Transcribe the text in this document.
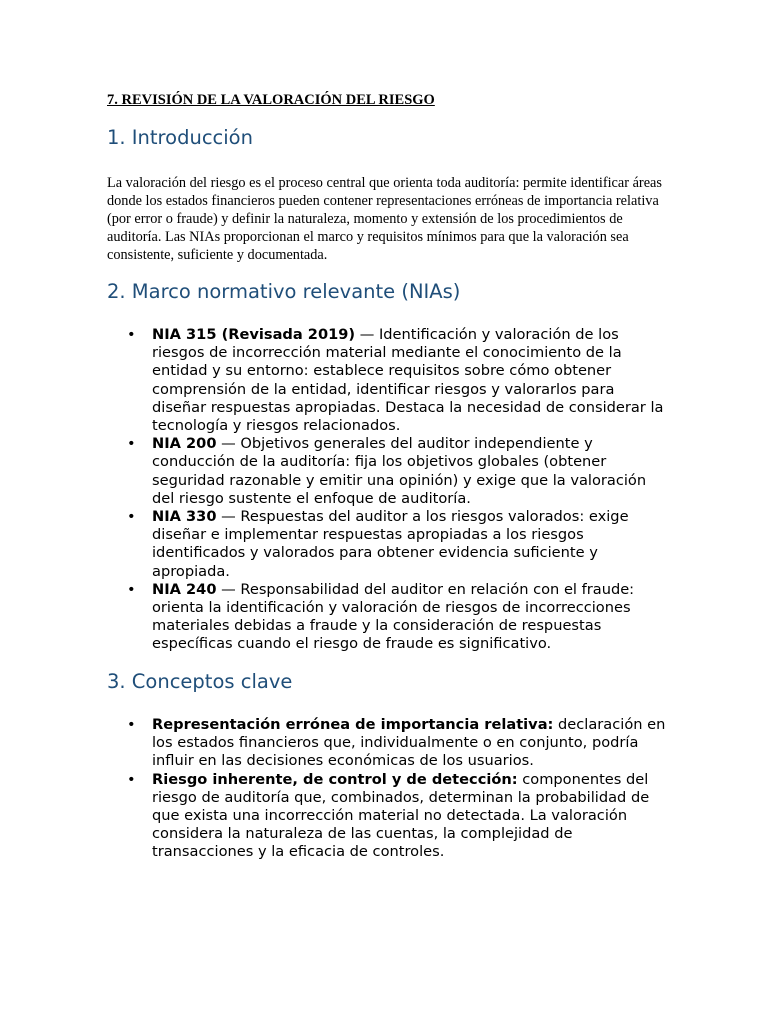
7. REVISIÓN DE LA VALORACIÓN DEL RIESGO
1. Introducción

La valoración del riesgo es el proceso central que orienta toda auditoría: permite identificar áreas donde los estados financieros pueden contener representaciones erróneas de importancia relativa (por error o fraude) y definir la naturaleza, momento y extensión de los procedimientos de auditoría. Las NIAs proporcionan el marco y requisitos mínimos para que la valoración sea consistente, suficiente y documentada.

2. Marco normativo relevante (NIAs)
• NIA 315 (Revisada 2019) — Identificación y valoración de los riesgos de incorrección material mediante el conocimiento de la entidad y su entorno: establece requisitos sobre cómo obtener comprensión de la entidad, identificar riesgos y valorarlos para diseñar respuestas apropiadas. Destaca la necesidad de considerar la tecnología y riesgos relacionados.
• NIA 200 — Objetivos generales del auditor independiente y conducción de la auditoría: fija los objetivos globales (obtener seguridad razonable y emitir una opinión) y exige que la valoración del riesgo sustente el enfoque de auditoría.
• NIA 330 — Respuestas del auditor a los riesgos valorados: exige diseñar e implementar respuestas apropiadas a los riesgos identificados y valorados para obtener evidencia suficiente y apropiada.
• NIA 240 — Responsabilidad del auditor en relación con el fraude: orienta la identificación y valoración de riesgos de incorrecciones materiales debidas a fraude y la consideración de respuestas específicas cuando el riesgo de fraude es significativo.
3. Conceptos clave
• Representación errónea de importancia relativa: declaración en los estados financieros que, individualmente o en conjunto, podría influir en las decisiones económicas de los usuarios.
• Riesgo inherente, de control y de detección: componentes del riesgo de auditoría que, combinados, determinan la probabilidad de que exista una incorrección material no detectada. La valoración considera la naturaleza de las cuentas, la complejidad de transacciones y la eficacia de controles.
